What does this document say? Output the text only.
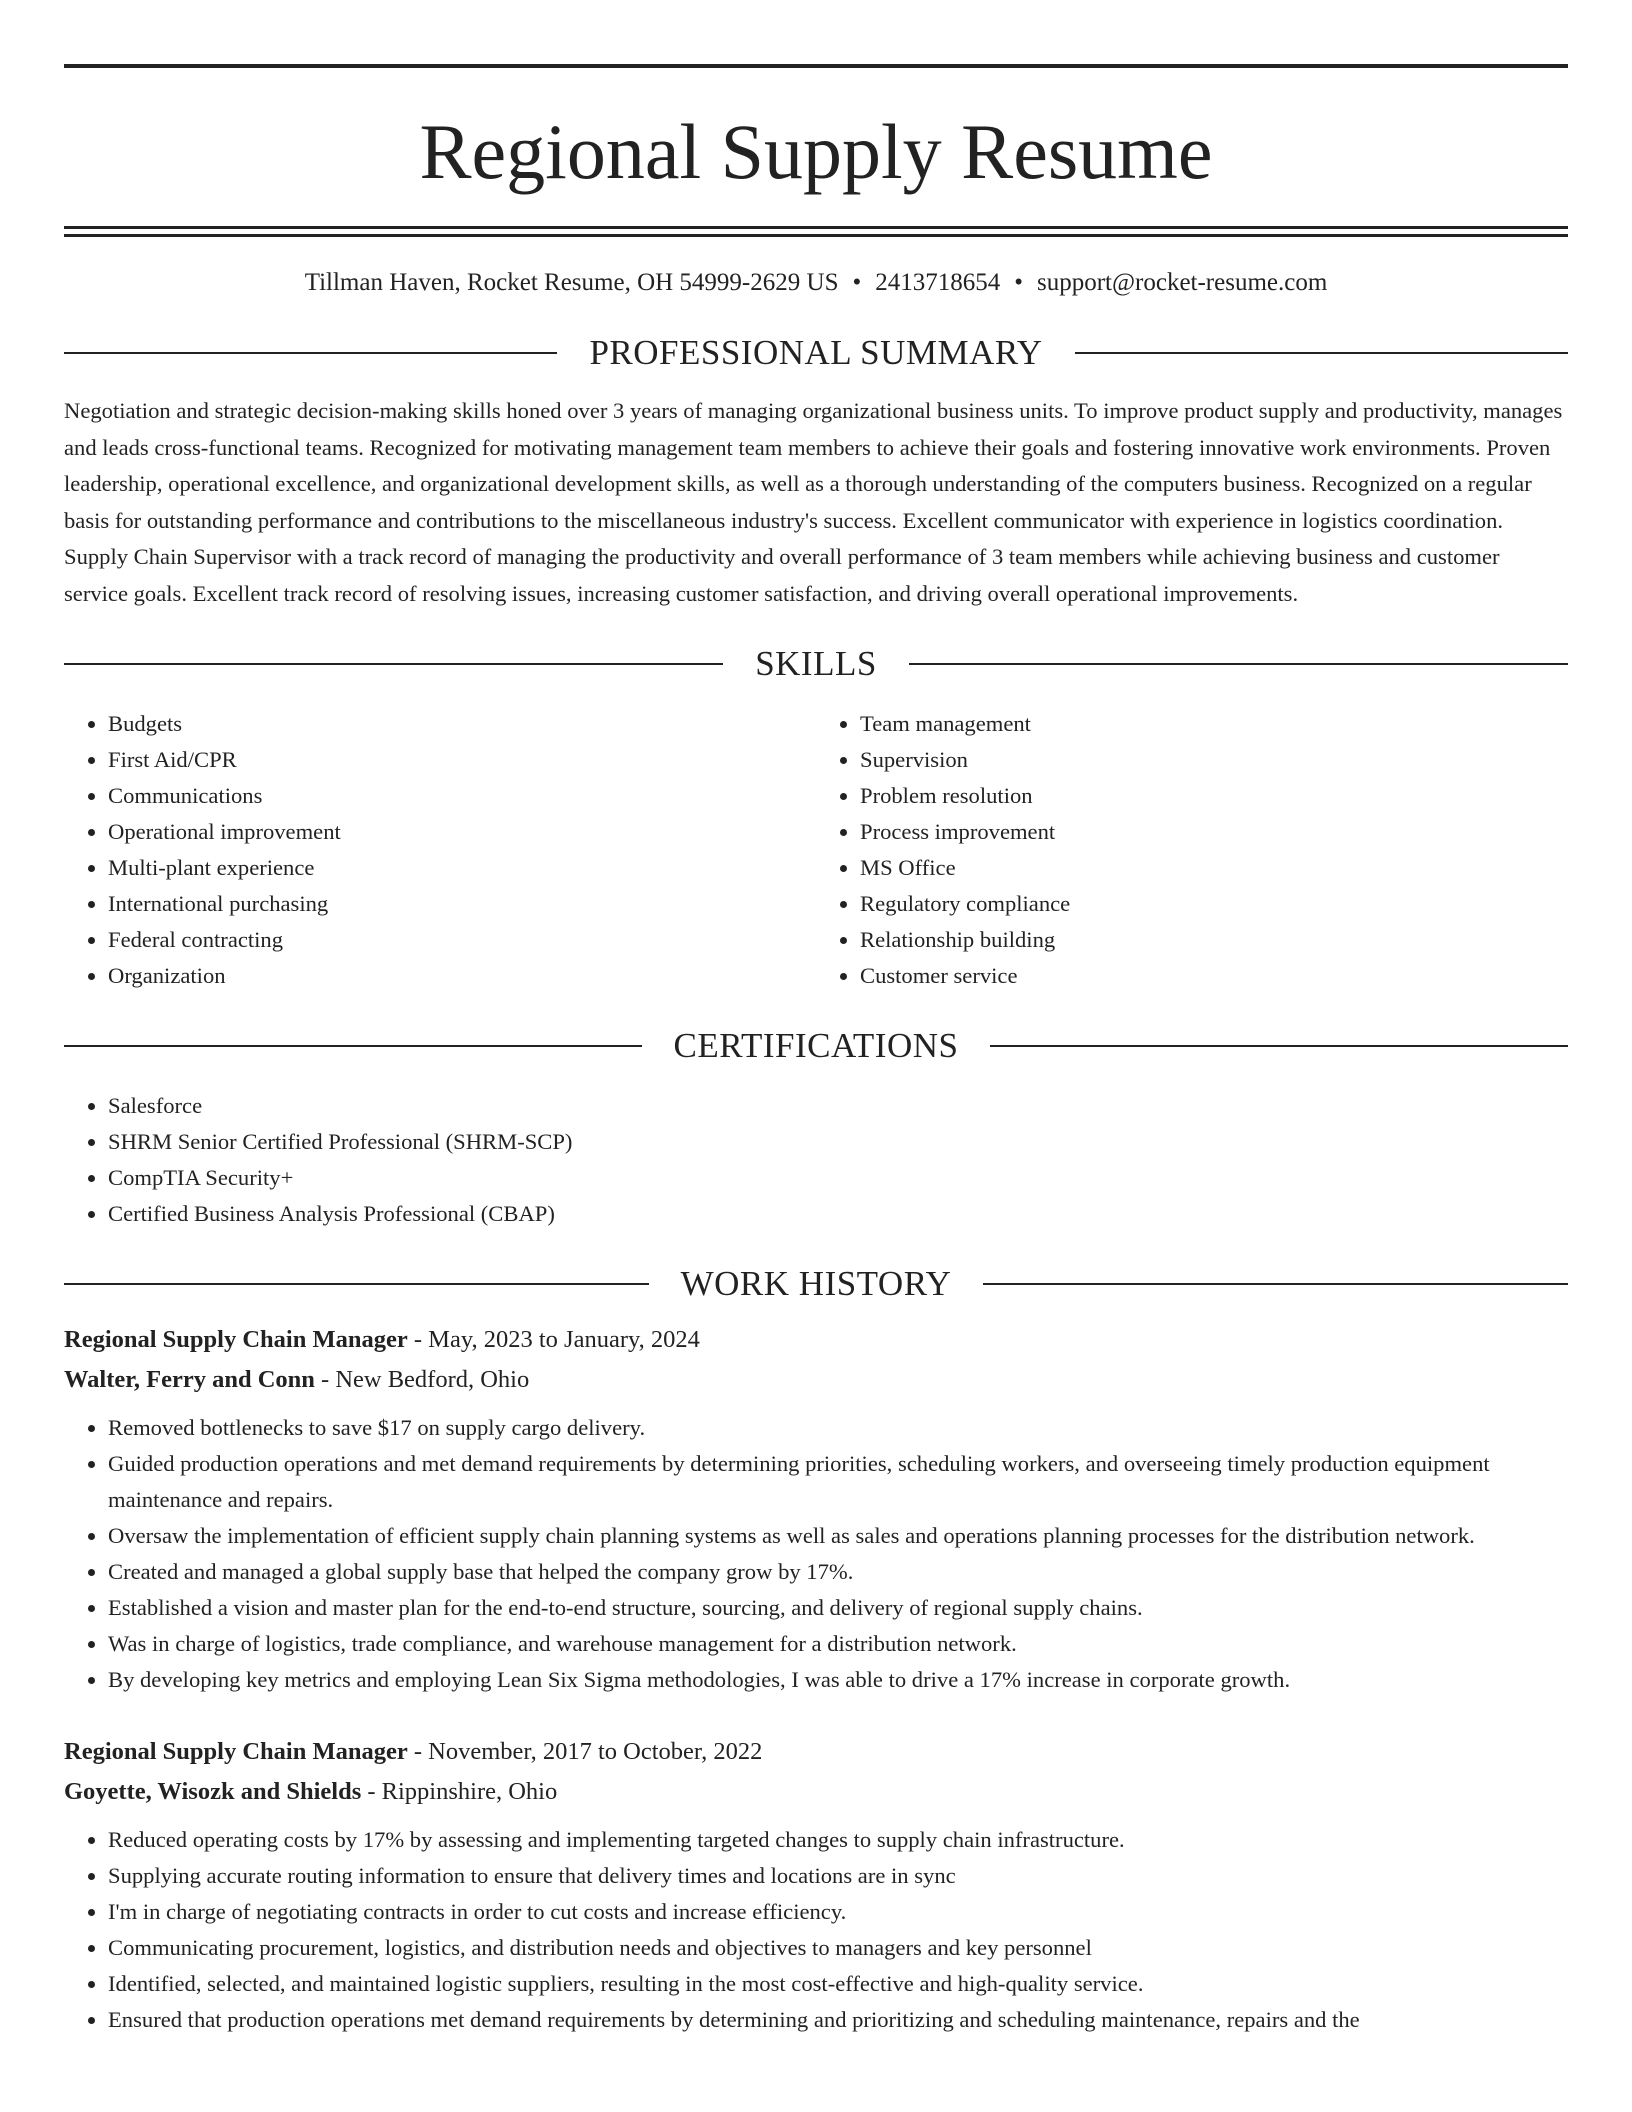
Regional Supply Resume
Tillman Haven, Rocket Resume, OH 54999-2629 US • 2413718654 • support@rocket-resume.com
PROFESSIONAL SUMMARY
Negotiation and strategic decision-making skills honed over 3 years of managing organizational business units. To improve product supply and productivity, manages and leads cross-functional teams. Recognized for motivating management team members to achieve their goals and fostering innovative work environments. Proven leadership, operational excellence, and organizational development skills, as well as a thorough understanding of the computers business. Recognized on a regular basis for outstanding performance and contributions to the miscellaneous industry's success. Excellent communicator with experience in logistics coordination. Supply Chain Supervisor with a track record of managing the productivity and overall performance of 3 team members while achieving business and customer service goals. Excellent track record of resolving issues, increasing customer satisfaction, and driving overall operational improvements.
SKILLS
• Budgets
• First Aid/CPR
• Communications
• Operational improvement
• Multi-plant experience
• International purchasing
• Federal contracting
• Organization
• Team management
• Supervision
• Problem resolution
• Process improvement
• MS Office
• Regulatory compliance
• Relationship building
• Customer service
CERTIFICATIONS
• Salesforce
• SHRM Senior Certified Professional (SHRM-SCP)
• CompTIA Security+
• Certified Business Analysis Professional (CBAP)
WORK HISTORY
Regional Supply Chain Manager - May, 2023 to January, 2024
Walter, Ferry and Conn - New Bedford, Ohio
• Removed bottlenecks to save $17 on supply cargo delivery.
• Guided production operations and met demand requirements by determining priorities, scheduling workers, and overseeing timely production equipment maintenance and repairs.
• Oversaw the implementation of efficient supply chain planning systems as well as sales and operations planning processes for the distribution network.
• Created and managed a global supply base that helped the company grow by 17%.
• Established a vision and master plan for the end-to-end structure, sourcing, and delivery of regional supply chains.
• Was in charge of logistics, trade compliance, and warehouse management for a distribution network.
• By developing key metrics and employing Lean Six Sigma methodologies, I was able to drive a 17% increase in corporate growth.
Regional Supply Chain Manager - November, 2017 to October, 2022
Goyette, Wisozk and Shields - Rippinshire, Ohio
• Reduced operating costs by 17% by assessing and implementing targeted changes to supply chain infrastructure.
• Supplying accurate routing information to ensure that delivery times and locations are in sync
• I'm in charge of negotiating contracts in order to cut costs and increase efficiency.
• Communicating procurement, logistics, and distribution needs and objectives to managers and key personnel
• Identified, selected, and maintained logistic suppliers, resulting in the most cost-effective and high-quality service.
• Ensured that production operations met demand requirements by determining and prioritizing and scheduling maintenance, repairs and the
